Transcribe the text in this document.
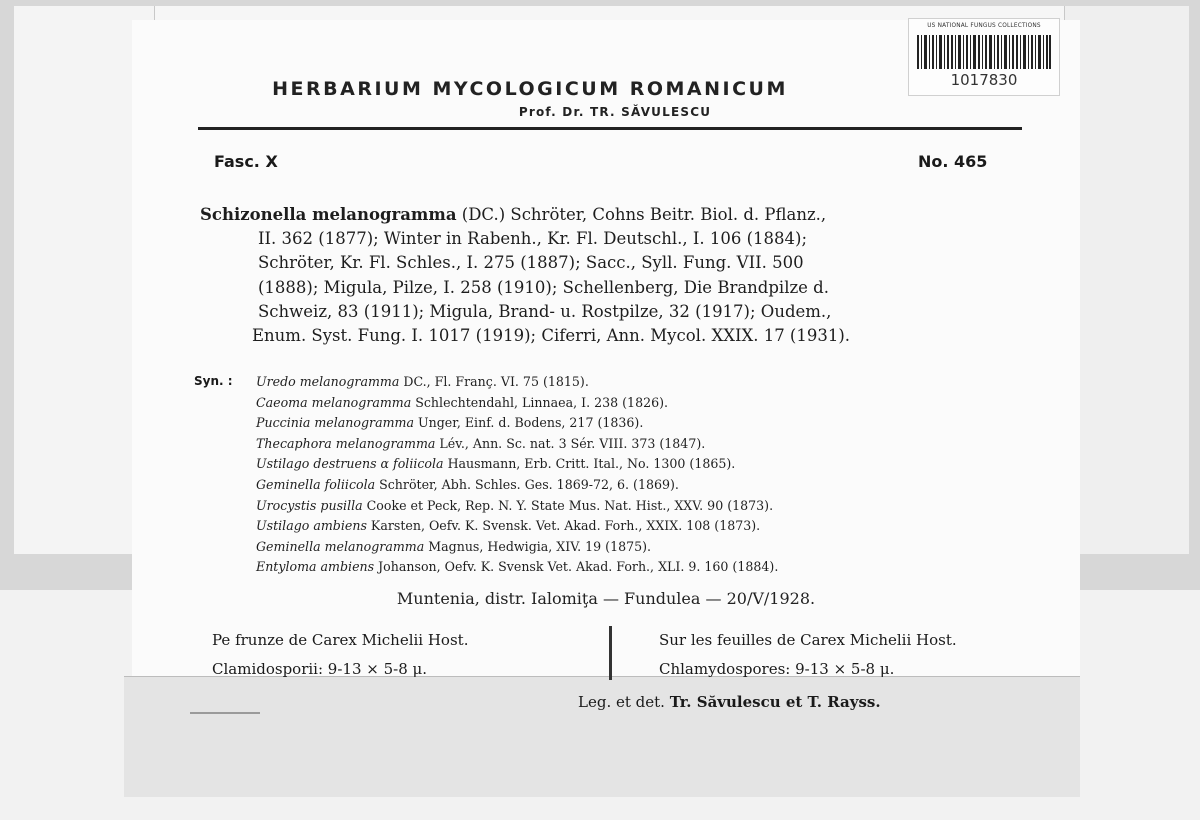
US NATIONAL FUNGUS COLLECTIONS
1017830
HERBARIUM MYCOLOGICUM ROMANICUM
Prof. Dr. TR. SĂVULESCU
Fasc. X	No. 465
Schizonella melanogramma (DC.) Schröter, Cohns Beitr. Biol. d. Pflanz.,
II. 362 (1877); Winter in Rabenh., Kr. Fl. Deutschl., I. 106 (1884);
Schröter, Kr. Fl. Schles., I. 275 (1887); Sacc., Syll. Fung. VII. 500
(1888); Migula, Pilze, I. 258 (1910); Schellenberg, Die Brandpilze d.
Schweiz, 83 (1911); Migula, Brand- u. Rostpilze, 32 (1917); Oudem.,
Enum. Syst. Fung. I. 1017 (1919); Ciferri, Ann. Mycol. XXIX. 17 (1931).
Syn. : Uredo melanogramma DC., Fl. Franç. VI. 75 (1815).
Caeoma melanogramma Schlechtendahl, Linnaea, I. 238 (1826).
Puccinia melanogramma Unger, Einf. d. Bodens, 217 (1836).
Thecaphora melanogramma Lév., Ann. Sc. nat. 3 Sér. VIII. 373 (1847).
Ustilago destruens α foliicola Hausmann, Erb. Critt. Ital., No. 1300 (1865).
Geminella foliicola Schröter, Abh. Schles. Ges. 1869-72, 6. (1869).
Urocystis pusilla Cooke et Peck, Rep. N. Y. State Mus. Nat. Hist., XXV. 90 (1873).
Ustilago ambiens Karsten, Oefv. K. Svensk. Vet. Akad. Forh., XXIX. 108 (1873).
Geminella melanogramma Magnus, Hedwigia, XIV. 19 (1875).
Entyloma ambiens Johanson, Oefv. K. Svensk Vet. Akad. Forh., XLI. 9. 160 (1884).
Muntenia, distr. Ialomiţa — Fundulea — 20/V/1928.
Pe frunze de Carex Michelii Host.
Clamidosporii: 9-13 × 5-8 μ.
Sur les feuilles de Carex Michelii Host.
Chlamydospores: 9-13 × 5-8 μ.
Leg. et det. Tr. Săvulescu et T. Rayss.
